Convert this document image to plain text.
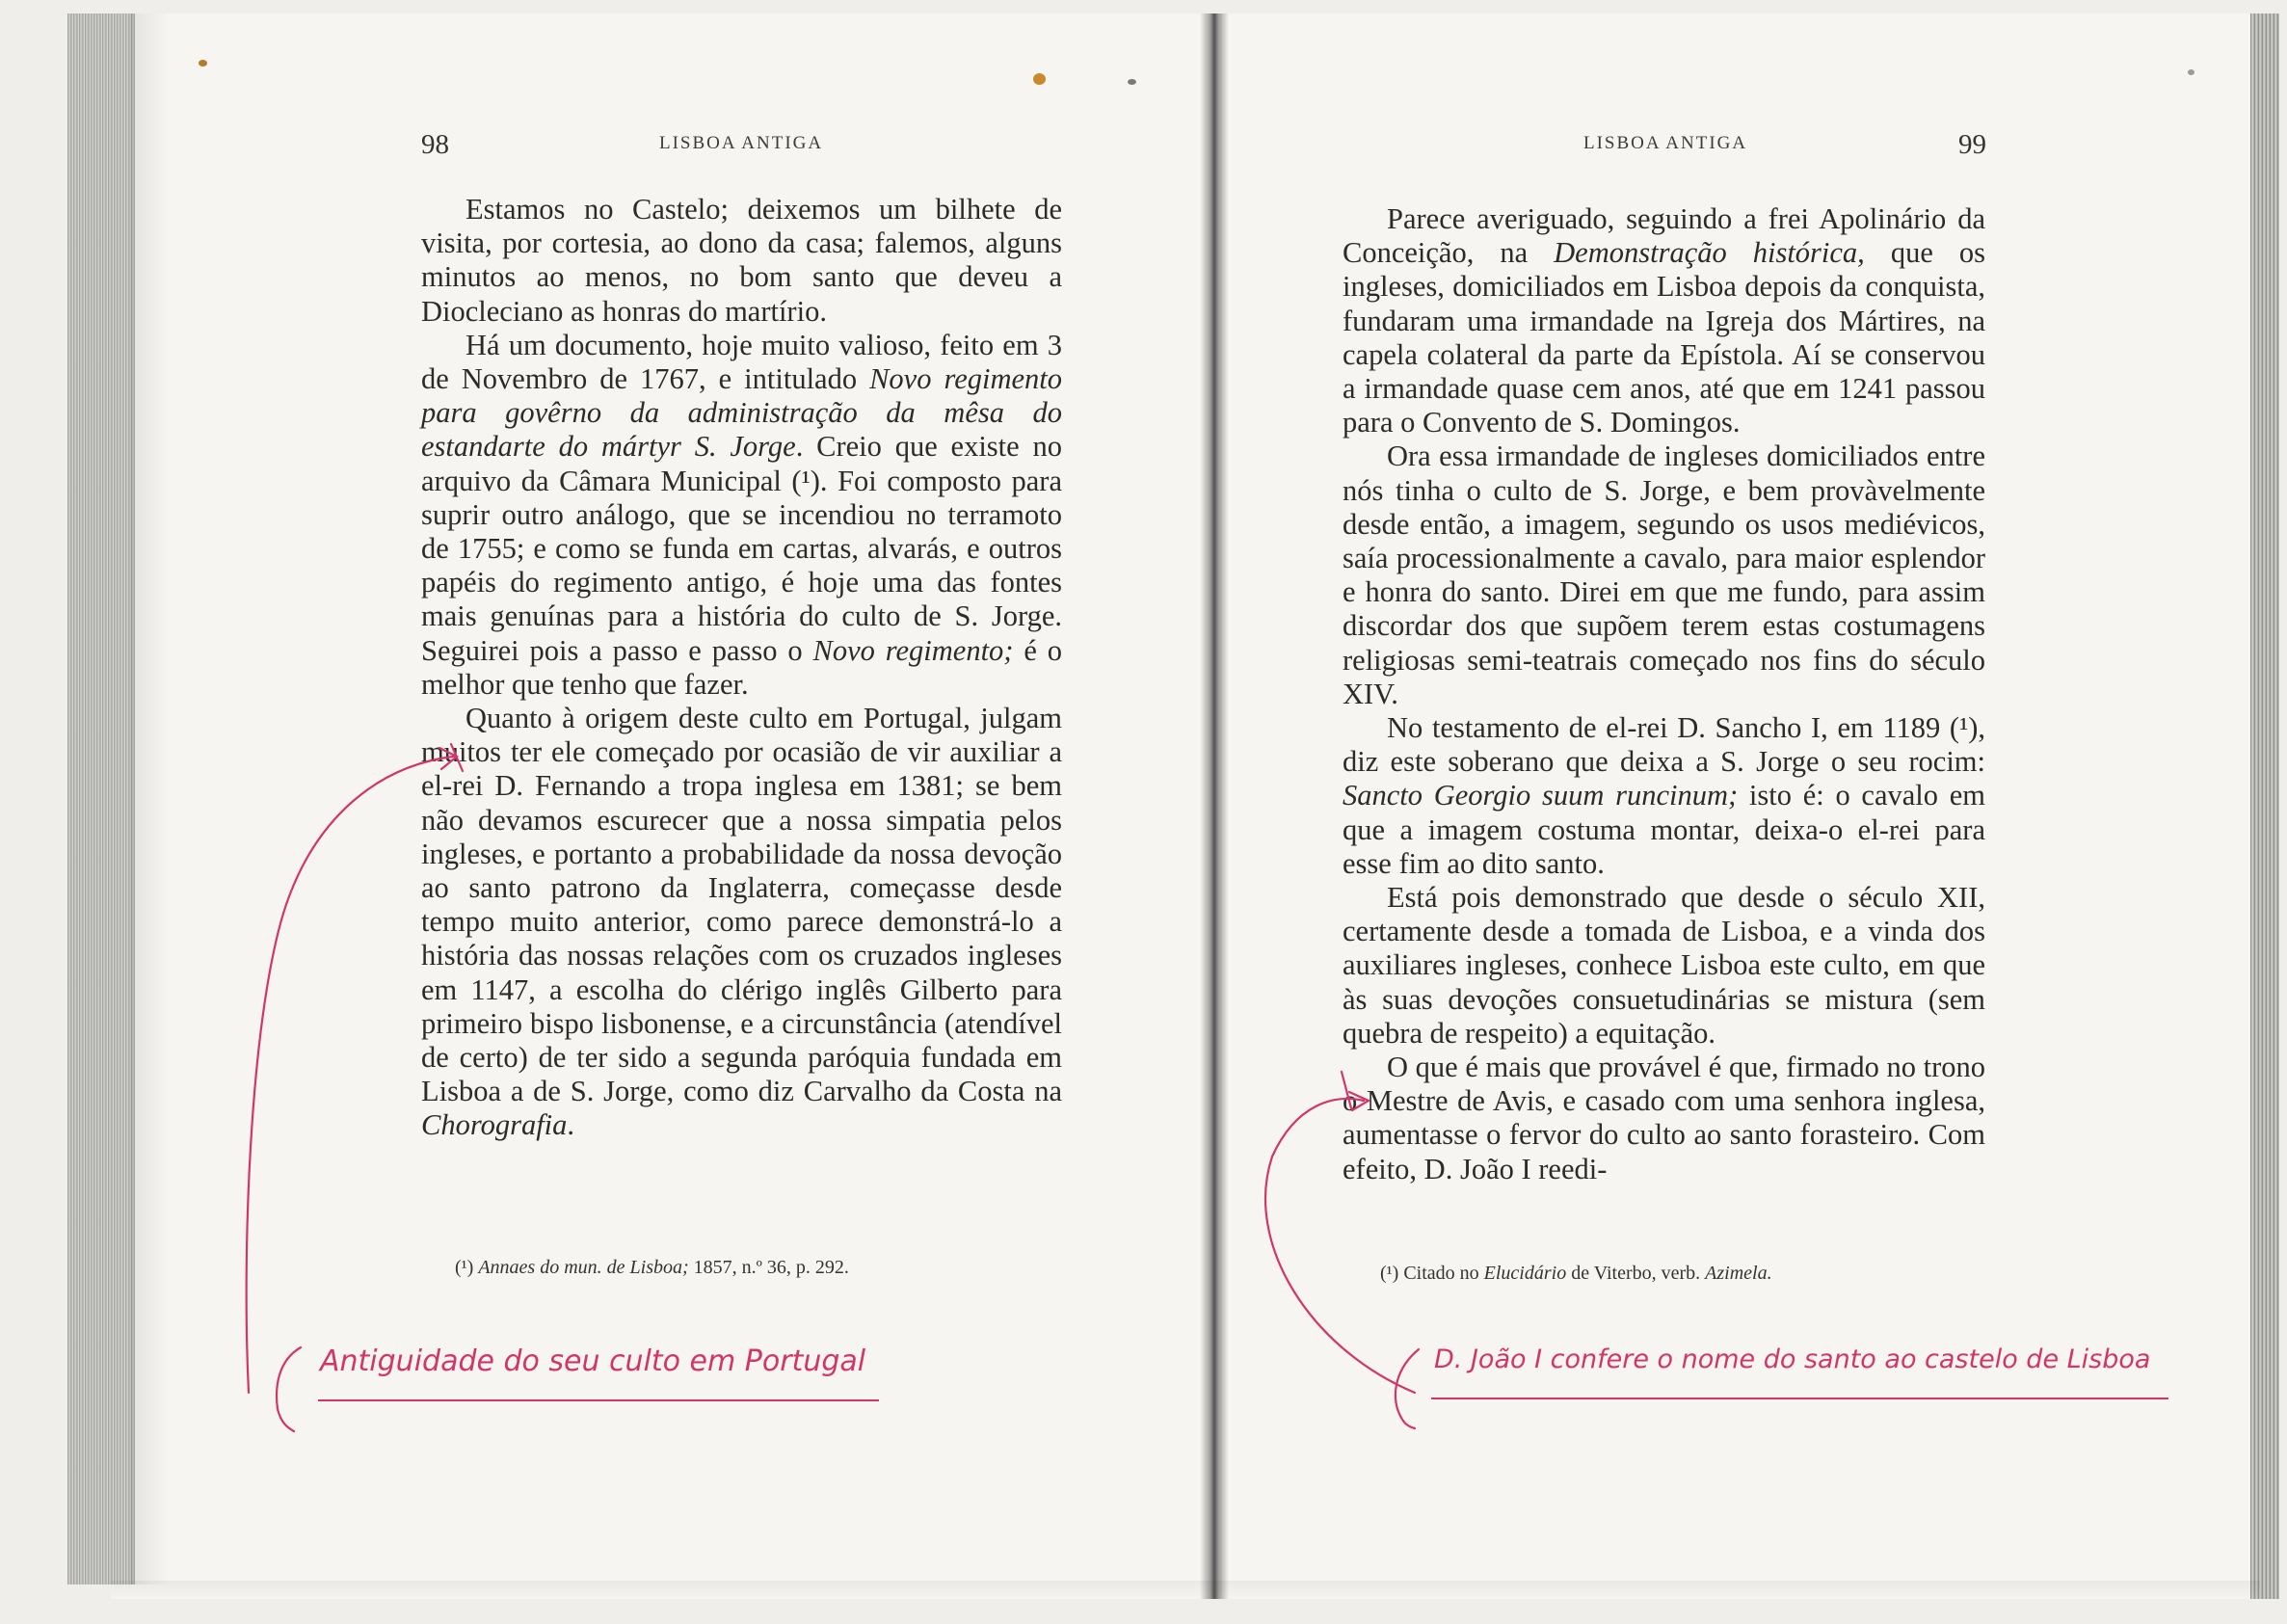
98	LISBOA ANTIGA

Estamos no Castelo; deixemos um bilhete de visita, por cortesia, ao dono da casa; falemos, alguns minutos ao menos, no bom santo que deveu a Diocleciano as honras do martírio.

Há um documento, hoje muito valioso, feito em 3 de Novembro de 1767, e intitulado Novo regimento para govêrno da administração da mêsa do estandarte do mártyr S. Jorge. Creio que existe no arquivo da Câmara Municipal (¹). Foi composto para suprir outro análogo, que se incendiou no terramoto de 1755; e como se funda em cartas, alvarás, e outros papéis do regimento antigo, é hoje uma das fontes mais genuínas para a história do culto de S. Jorge. Seguirei pois a passo e passo o Novo regimento; é o melhor que tenho que fazer.

Quanto à origem deste culto em Portugal, julgam muitos ter ele começado por ocasião de vir auxiliar a el-rei D. Fernando a tropa inglesa em 1381; se bem não devamos escurecer que a nossa simpatia pelos ingleses, e portanto a probabilidade da nossa devoção ao santo patrono da Inglaterra, começasse desde tempo muito anterior, como parece demonstrá-lo a história das nossas relações com os cruzados ingleses em 1147, a escolha do clérigo inglês Gilberto para primeiro bispo lisbonense, e a circunstância (atendível de certo) de ter sido a segunda paróquia fundada em Lisboa a de S. Jorge, como diz Carvalho da Costa na Chorografia.

(¹) Annaes do mun. de Lisboa; 1857, n.º 36, p. 292.
Antiguidade do seu culto em Portugal
LISBOA ANTIGA	99

Parece averiguado, seguindo a frei Apolinário da Conceição, na Demonstração histórica, que os ingleses, domiciliados em Lisboa depois da conquista, fundaram uma irmandade na Igreja dos Mártires, na capela colateral da parte da Epístola. Aí se conservou a irmandade quase cem anos, até que em 1241 passou para o Convento de S. Domingos.

Ora essa irmandade de ingleses domiciliados entre nós tinha o culto de S. Jorge, e bem provàvelmente desde então, a imagem, segundo os usos mediévicos, saía processionalmente a cavalo, para maior esplendor e honra do santo. Direi em que me fundo, para assim discordar dos que supõem terem estas costumagens religiosas semi-teatrais começado nos fins do século XIV.

No testamento de el-rei D. Sancho I, em 1189 (¹), diz este soberano que deixa a S. Jorge o seu rocim: Sancto Georgio suum runcinum; isto é: o cavalo em que a imagem costuma montar, deixa-o el-rei para esse fim ao dito santo.

Está pois demonstrado que desde o século XII, certamente desde a tomada de Lisboa, e a vinda dos auxiliares ingleses, conhece Lisboa este culto, em que às suas devoções consuetudinárias se mistura (sem quebra de respeito) a equitação.

O que é mais que provável é que, firmado no trono o Mestre de Avis, e casado com uma senhora inglesa, aumentasse o fervor do culto ao santo forasteiro. Com efeito, D. João I reedi-

(¹) Citado no Elucidário de Viterbo, verb. Azimela.
D. João I confere o nome do santo ao castelo de Lisboa
